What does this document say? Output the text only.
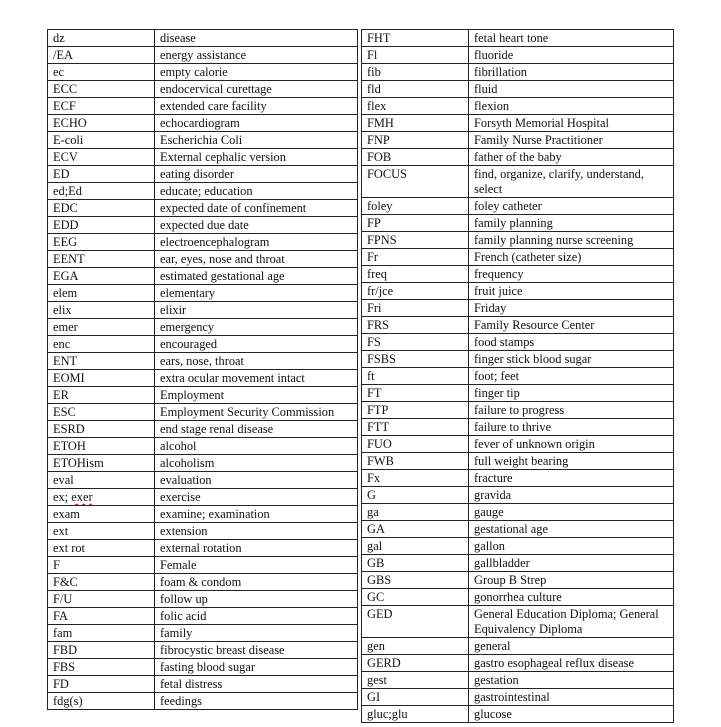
dz	disease
/EA	energy assistance
ec	empty calorie
ECC	endocervical curettage
ECF	extended care facility
ECHO	echocardiogram
E-coli	Escherichia Coli
ECV	External cephalic version
ED	eating disorder
ed;Ed	educate; education
EDC	expected date of confinement
EDD	expected due date
EEG	electroencephalogram
EENT	ear, eyes, nose and throat
EGA	estimated gestational age
elem	elementary
elix	elixir
emer	emergency
enc	encouraged
ENT	ears, nose, throat
EOMI	extra ocular movement intact
ER	Employment
ESC	Employment Security Commission
ESRD	end stage renal disease
ETOH	alcohol
ETOHism	alcoholism
eval	evaluation
ex; exer	exercise
exam	examine; examination
ext	extension
ext rot	external rotation
F	Female
F&C	foam & condom
F/U	follow up
FA	folic acid
fam	family
FBD	fibrocystic breast disease
FBS	fasting blood sugar
FD	fetal distress
fdg(s)	feedings
FHT	fetal heart tone
Fl	fluoride
fib	fibrillation
fld	fluid
flex	flexion
FMH	Forsyth Memorial Hospital
FNP	Family Nurse Practitioner
FOB	father of the baby
FOCUS	find, organize, clarify, understand, select
foley	foley catheter
FP	family planning
FPNS	family planning nurse screening
Fr	French (catheter size)
freq	frequency
fr/jce	fruit juice
Fri	Friday
FRS	Family Resource Center
FS	food stamps
FSBS	finger stick blood sugar
ft	foot; feet
FT	finger tip
FTP	failure to progress
FTT	failure to thrive
FUO	fever of unknown origin
FWB	full weight bearing
Fx	fracture
G	gravida
ga	gauge
GA	gestational age
gal	gallon
GB	gallbladder
GBS	Group B Strep
GC	gonorrhea culture
GED	General Education Diploma; General Equivalency Diploma
gen	general
GERD	gastro esophageal reflux disease
gest	gestation
GI	gastrointestinal
gluc;glu	glucose
